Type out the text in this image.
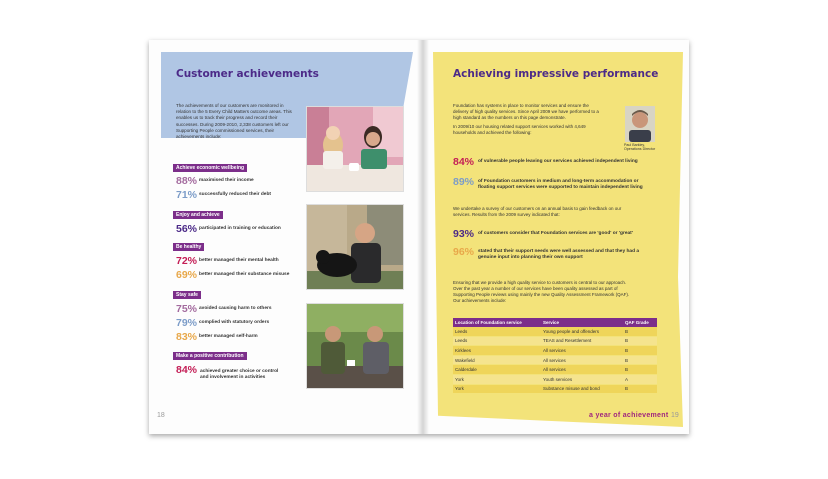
Customer achievements
The achievements of our customers are monitored in relation to the 5 Every Child Matters outcome areas. This enables us to track their progress and record their successes. During 2009-2010, 2,338 customers left our Supporting People commissioned services, their achievements include:
Achieve economic wellbeing
88% maximised their income
71% successfully reduced their debt
Enjoy and achieve
56% participated in training or education
Be healthy
72% better managed their mental health
69% better managed their substance misuse
Stay safe
75% avoided causing harm to others
79% complied with statutory orders
83% better managed self-harm
Make a positive contribution
$^{84\%}$ achieved greater choice or control
and involvement in activities
18
Achieving impressive performance
Foundation has systems in place to monitor services and ensure the
delivery of high quality services. Since April 2009 we have performed to a
high standard as the numbers on this page demonstrate.
In 2009/10 our housing related support services worked with 4,649
households and achieved the following:
Paul Barkley,
Operations Director
84% of vulnerable people leaving our services achieved independent living
89% of Foundation customers in medium and long-term accommodation or
floating support services were supported to maintain independent living
We undertake a survey of our customers on an annual basis to gain feedback on our
services. Results from the 2009 survey indicated that:
93% of customers consider that Foundation services are 'good' or 'great'
96% stated that their support needs were well assessed and that they had a
genuine input into planning their own support
Ensuring that we provide a high quality service to customers is central to our approach.
Over the past year a number of our services have been quality assessed as part of
Supporting People reviews using mainly the new Quality Assessment Framework (QAF).
Our achievements include:
Location of Foundation service	Service	QAF Grade
Leeds	Young people and offenders	B
Leeds	TEAS and Resettlement	B
Kirklees	All services	B
Wakefield	All services	B
Calderdale	All services	B
York	Youth services	A
York	Substance misuse and bond	B
a year of achievement 19
